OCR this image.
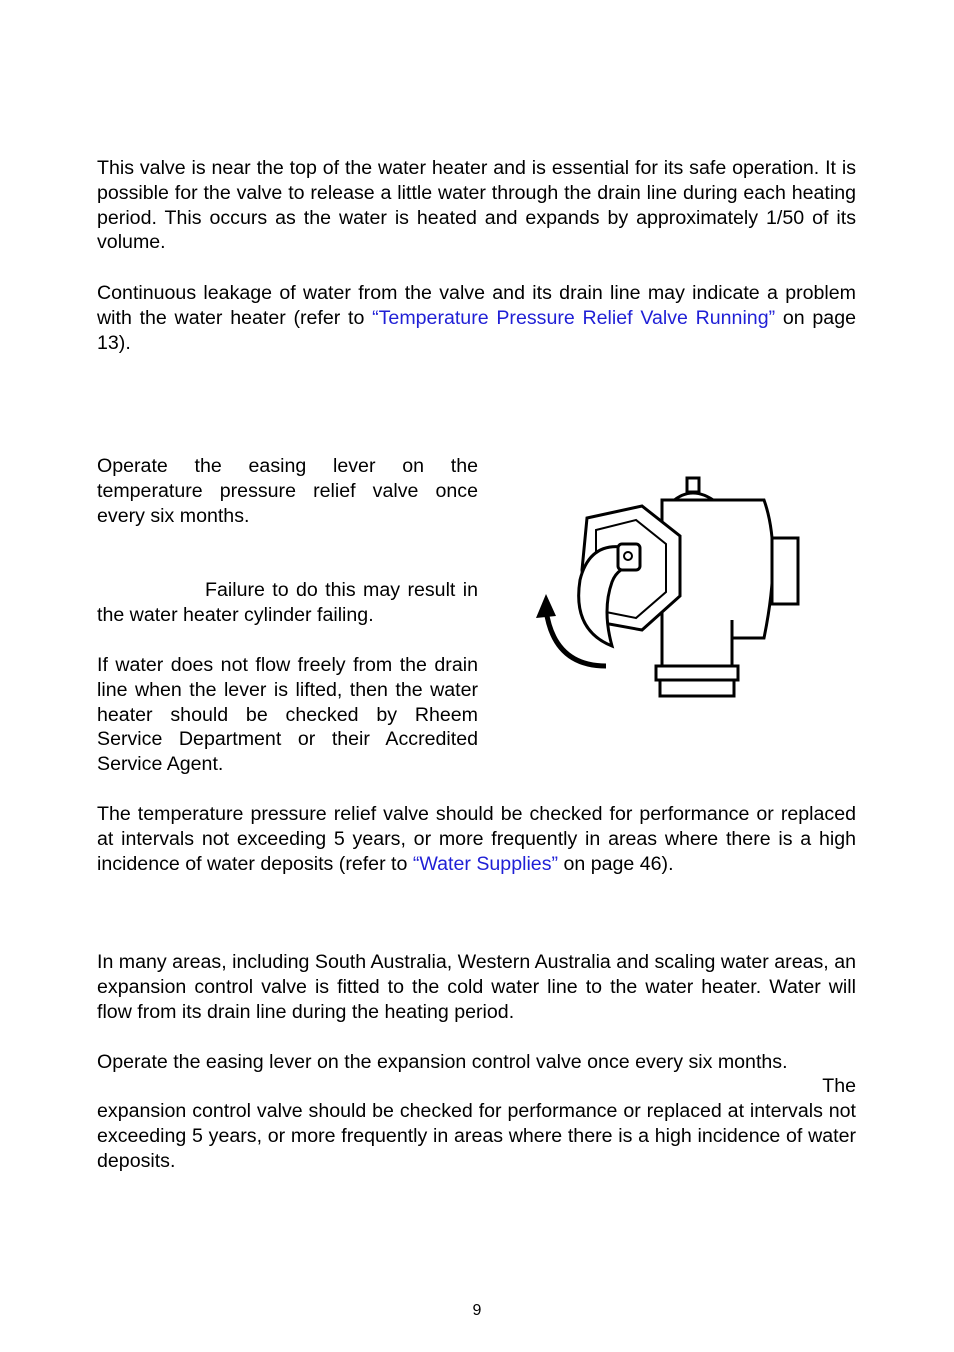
This valve is near the top of the water heater and is essential for its safe operation. It is possible for the valve to release a little water through the drain line during each heating period. This occurs as the water is heated and expands by approximately 1/50 of its volume.

Continuous leakage of water from the valve and its drain line may indicate a problem with the water heater (refer to “Temperature Pressure Relief Valve Running” on page 13).

Operate the easing lever on the temperature pressure relief valve once every six months.

Failure to do this may result in the water heater cylinder failing.

If water does not flow freely from the drain line when the lever is lifted, then the water heater should be checked by Rheem Service Department or their Accredited Service Agent.

The temperature pressure relief valve should be checked for performance or replaced at intervals not exceeding 5 years, or more frequently in areas where there is a high incidence of water deposits (refer to “Water Supplies” on page 46).

In many areas, including South Australia, Western Australia and scaling water areas, an expansion control valve is fitted to the cold water line to the water heater. Water will flow from its drain line during the heating period.

Operate the easing lever on the expansion control valve once every six months.

The

expansion control valve should be checked for performance or replaced at intervals not exceeding 5 years, or more frequently in areas where there is a high incidence of water deposits.

9
